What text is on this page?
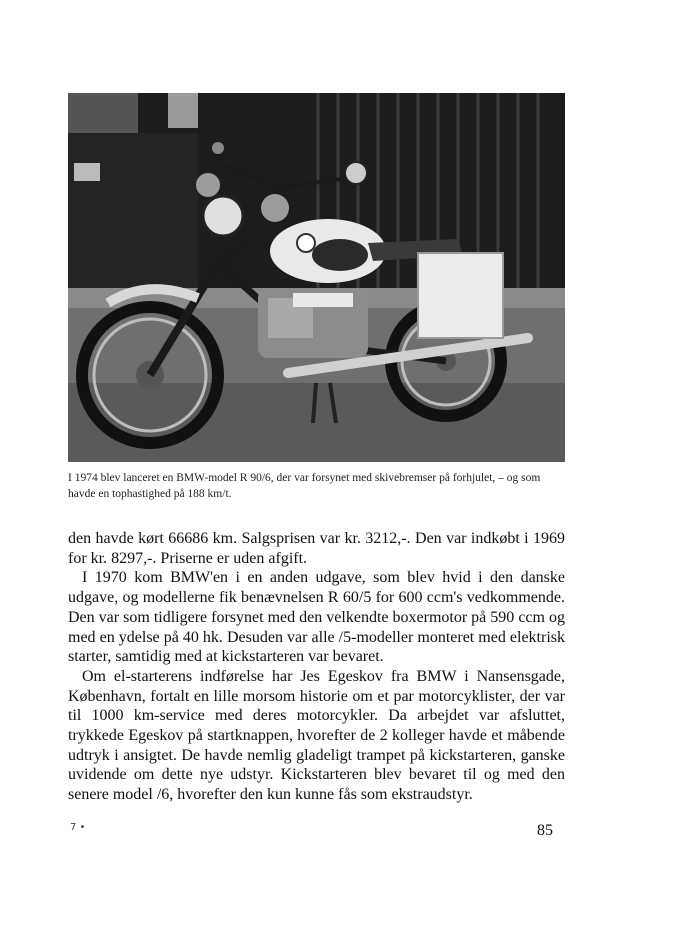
I 1974 blev lanceret en BMW-model R 90/6, der var forsynet med skivebremser på forhjulet, – og som havde en tophastighed på 188 km/t.

den havde kørt 66686 km. Salgsprisen var kr. 3212,-. Den var indkøbt i 1969 for kr. 8297,-. Priserne er uden afgift.

I 1970 kom BMW'en i en anden udgave, som blev hvid i den danske udgave, og modellerne fik benævnelsen R 60/5 for 600 ccm's vedkommende. Den var som tidligere forsynet med den velkendte boxermotor på 590 ccm og med en ydelse på 40 hk. Desuden var alle /5-modeller monteret med elektrisk starter, samtidig med at kickstarteren var bevaret.

Om el-starterens indførelse har Jes Egeskov fra BMW i Nansensgade, København, fortalt en lille morsom historie om et par motorcyklister, der var til 1000 km-service med deres motorcykler. Da arbejdet var afsluttet, trykkede Egeskov på startknappen, hvorefter de 2 kolleger havde et måbende udtryk i ansigtet. De havde nemlig gladeligt trampet på kickstarteren, ganske uvidende om dette nye udstyr. Kickstarteren blev bevaret til og med den senere model /6, hvorefter den kun kunne fås som ekstraudstyr.

7 •	85
